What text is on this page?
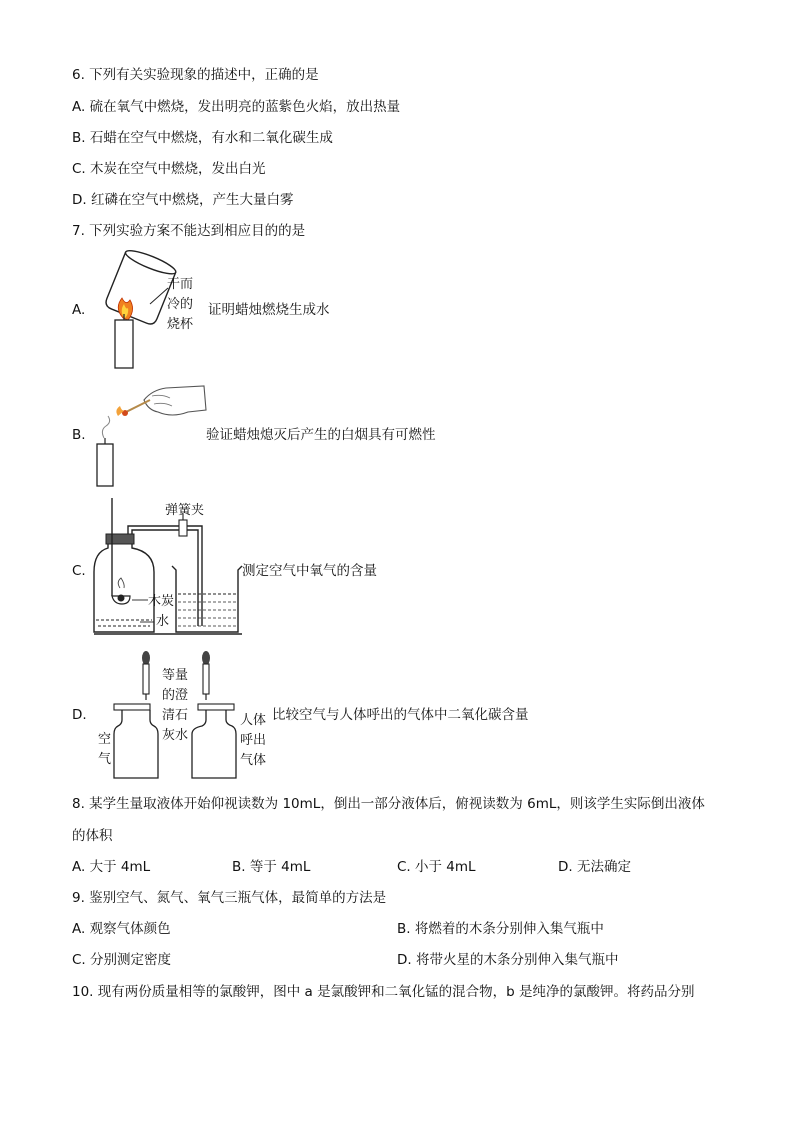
6. 下列有关实验现象的描述中，正确的是
A. 硫在氧气中燃烧，发出明亮的蓝紫色火焰，放出热量
B. 石蜡在空气中燃烧，有水和二氧化碳生成
C. 木炭在空气中燃烧，发出白光
D. 红磷在空气中燃烧，产生大量白雾
7. 下列实验方案不能达到相应目的的是
A.
干而
冷的
烧杯
证明蜡烛燃烧生成水
B.	验证蜡烛熄灭后产生的白烟具有可燃性
C.
弹簧夹
木炭
水
测定空气中氧气的含量
D.
等量
的澄
清石
灰水
空
气
人体
呼出
气体
比较空气与人体呼出的气体中二氧化碳含量
8. 某学生量取液体开始仰视读数为 10mL，倒出一部分液体后，俯视读数为 6mL，则该学生实际倒出液体
的体积
A. 大于 4mL	B. 等于 4mL	C. 小于 4mL	D. 无法确定
9. 鉴别空气、氮气、氧气三瓶气体，最简单的方法是
A. 观察气体颜色	B. 将燃着的木条分别伸入集气瓶中
C. 分别测定密度	D. 将带火星的木条分别伸入集气瓶中
10. 现有两份质量相等的氯酸钾，图中 a 是氯酸钾和二氧化锰的混合物，b 是纯净的氯酸钾。将药品分别
